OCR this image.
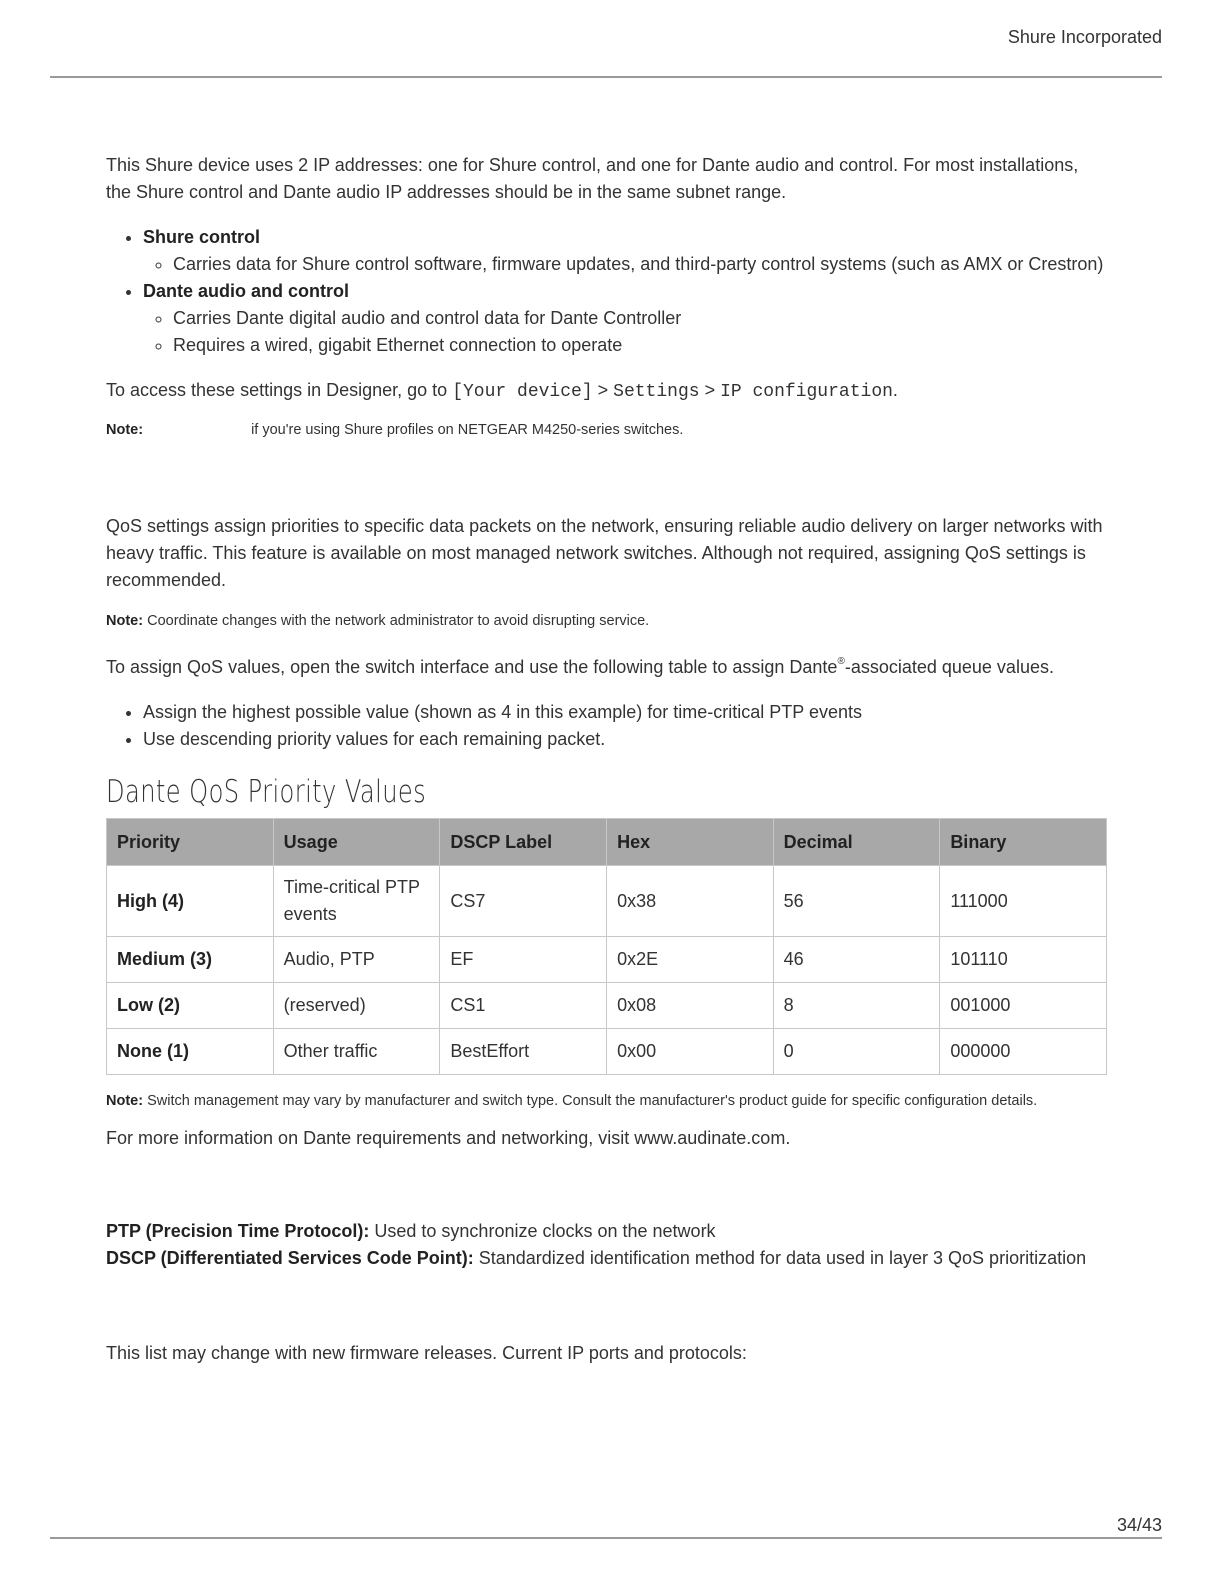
Shure Incorporated

This Shure device uses 2 IP addresses: one for Shure control, and one for Dante audio and control. For most installations, the Shure control and Dante audio IP addresses should be in the same subnet range.

• Shure control
◦ Carries data for Shure control software, firmware updates, and third-party control systems (such as AMX or Crestron)
• Dante audio and control
◦ Carries Dante digital audio and control data for Dante Controller
◦ Requires a wired, gigabit Ethernet connection to operate

To access these settings in Designer, go to [Your device] > Settings > IP configuration.

Note:	if you're using Shure profiles on NETGEAR M4250-series switches.

QoS settings assign priorities to specific data packets on the network, ensuring reliable audio delivery on larger networks with heavy traffic. This feature is available on most managed network switches. Although not required, assigning QoS settings is recommended.

Note: Coordinate changes with the network administrator to avoid disrupting service.

To assign QoS values, open the switch interface and use the following table to assign Dante®-associated queue values.

• Assign the highest possible value (shown as 4 in this example) for time-critical PTP events
• Use descending priority values for each remaining packet.
Dante QoS Priority Values
Priority	Usage	DSCP Label	Hex	Decimal	Binary
High (4)	Time-critical PTP events	CS7	0x38	56	111000
Medium (3)	Audio, PTP	EF	0x2E	46	101110
Low (2)	(reserved)	CS1	0x08	8	001000
None (1)	Other traffic	BestEffort	0x00	0	000000

Note: Switch management may vary by manufacturer and switch type. Consult the manufacturer's product guide for specific configuration details.

For more information on Dante requirements and networking, visit www.audinate.com.

PTP (Precision Time Protocol): Used to synchronize clocks on the network

DSCP (Differentiated Services Code Point): Standardized identification method for data used in layer 3 QoS prioritization

This list may change with new firmware releases. Current IP ports and protocols:

34/43
